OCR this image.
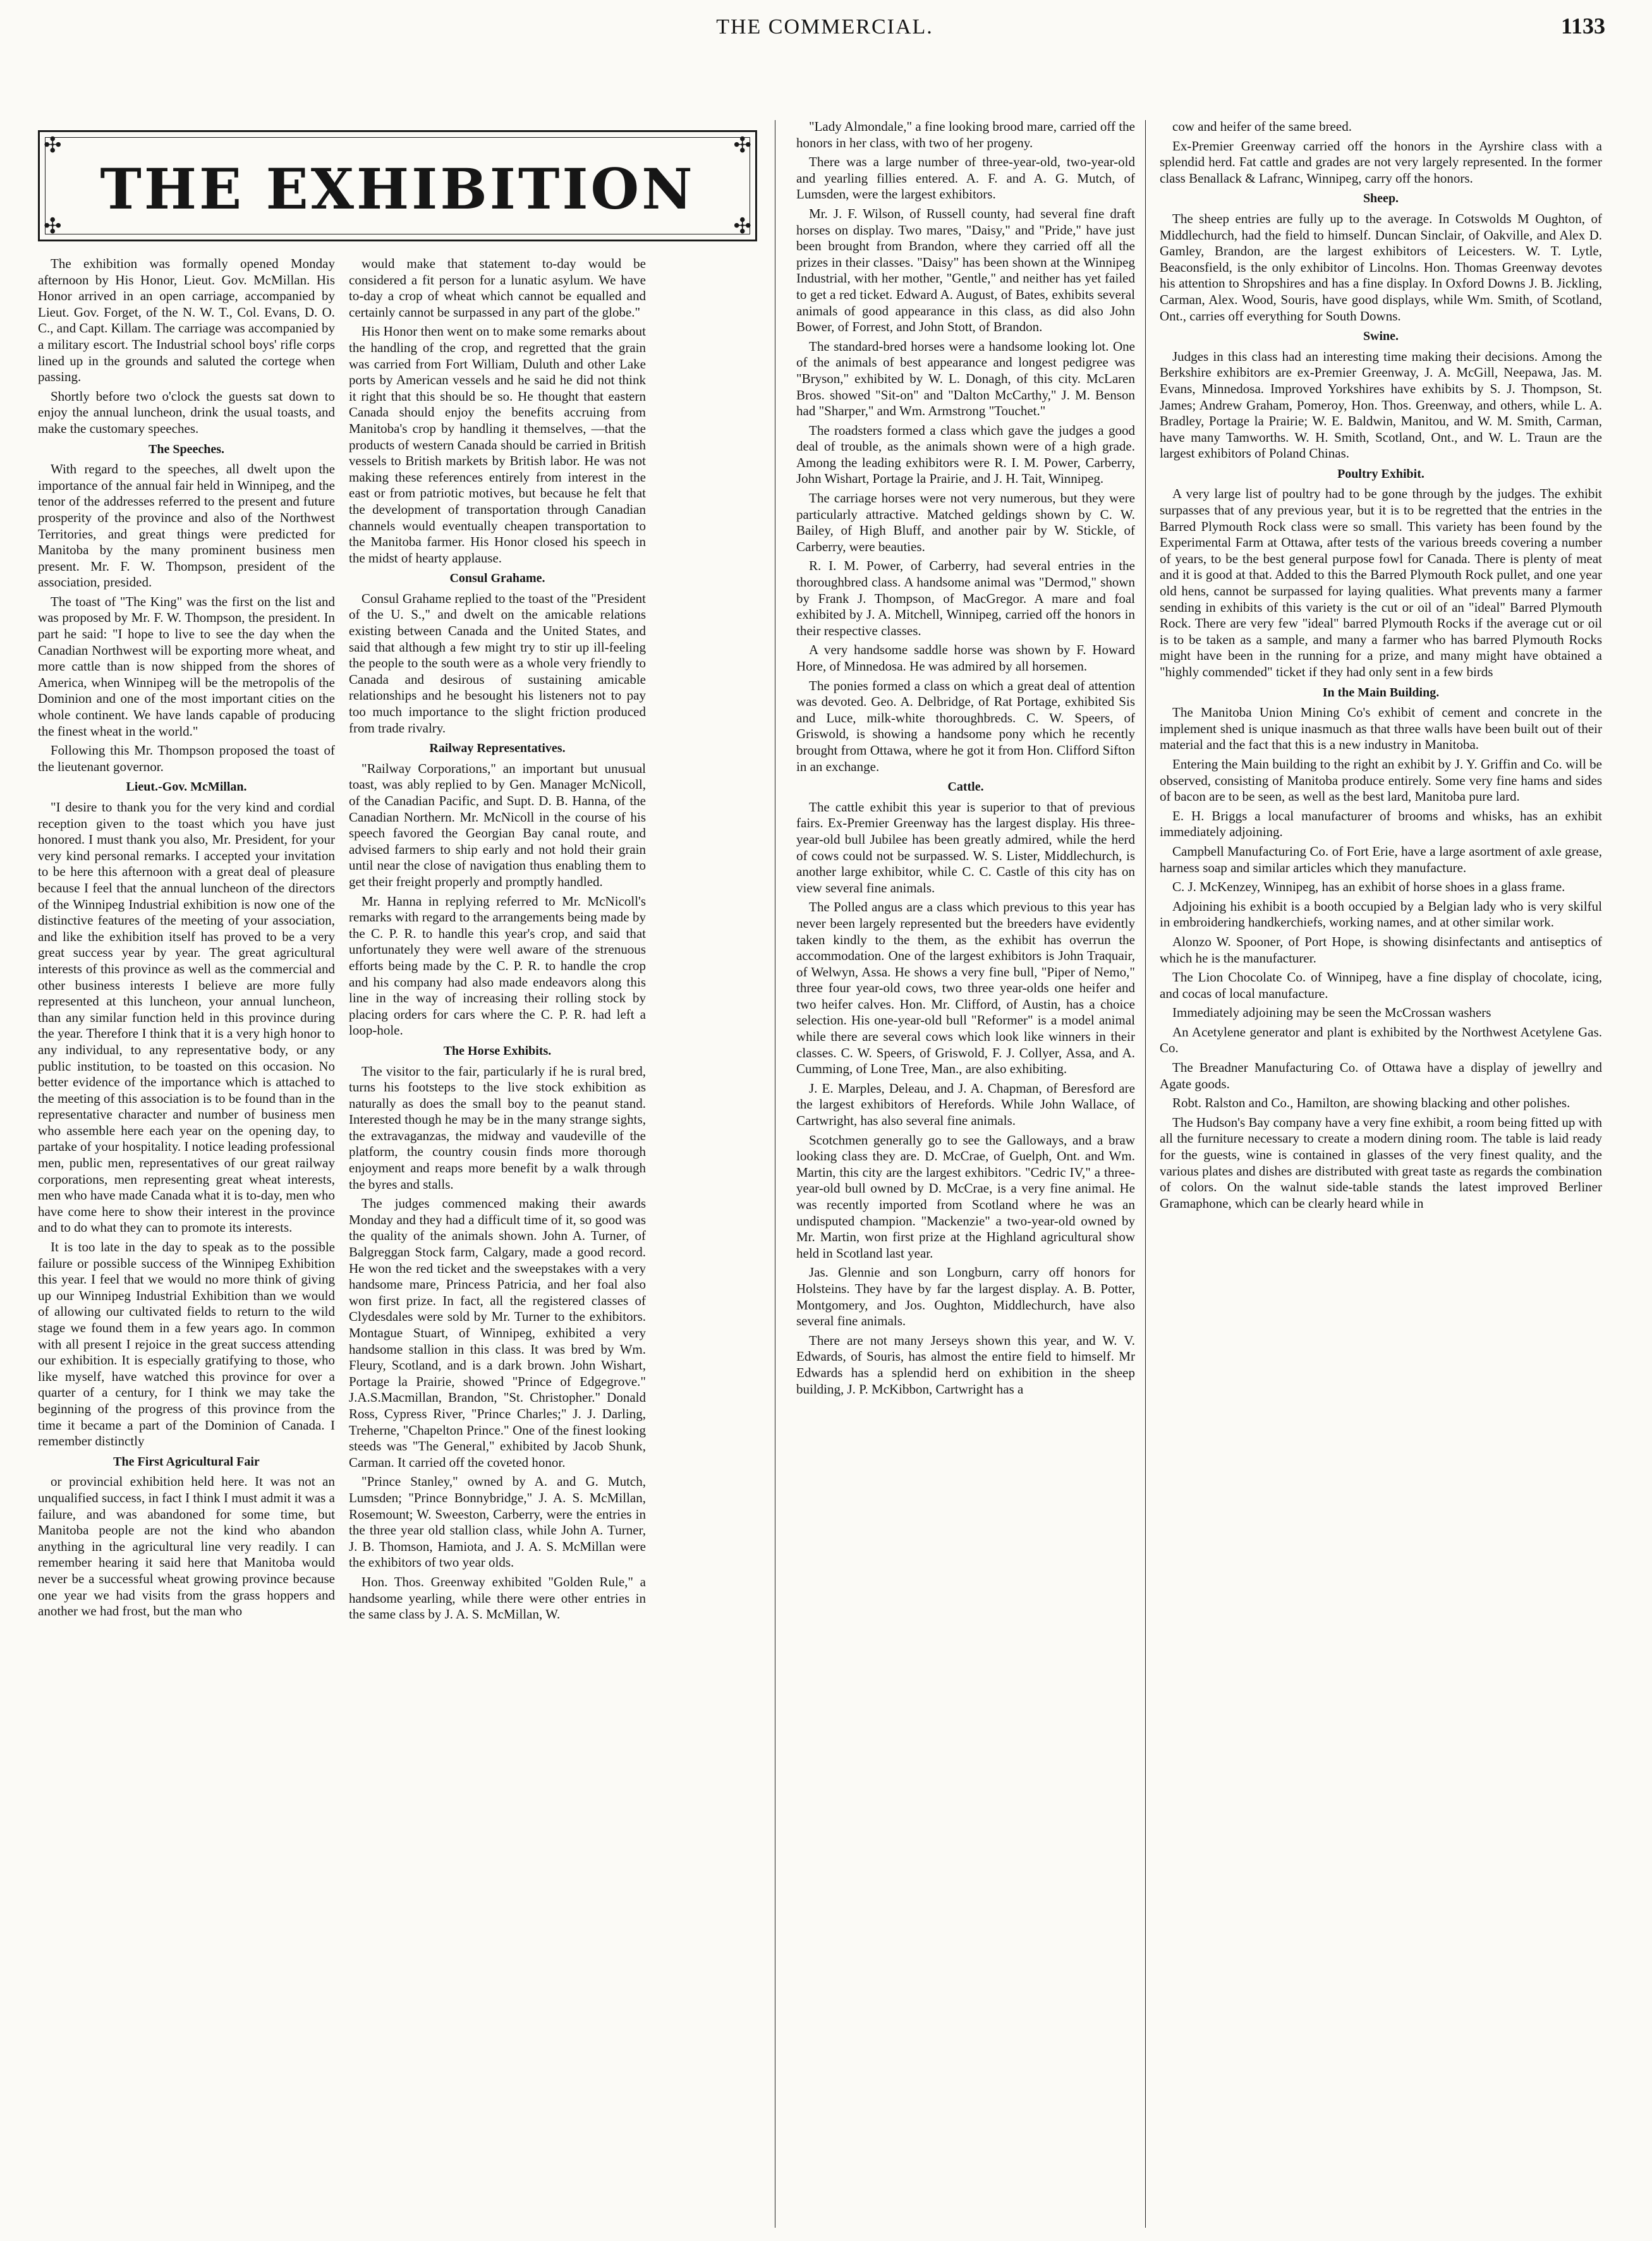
THE COMMERCIAL.	1133
✣	✣
✣	✣
THE EXHIBITION

The exhibition was formally opened Monday afternoon by His Honor, Lieut. Gov. McMillan. His Honor arrived in an open carriage, accompanied by Lieut. Gov. Forget, of the N. W. T., Col. Evans, D. O. C., and Capt. Killam. The carriage was accompanied by a military escort. The Industrial school boys' rifle corps lined up in the grounds and saluted the cortege when passing.

Shortly before two o'clock the guests sat down to enjoy the annual luncheon, drink the usual toasts, and make the customary speeches.

The Speeches.

With regard to the speeches, all dwelt upon the importance of the annual fair held in Winnipeg, and the tenor of the addresses referred to the present and future prosperity of the province and also of the Northwest Territories, and great things were predicted for Manitoba by the many prominent business men present. Mr. F. W. Thompson, president of the association, presided.

The toast of "The King" was the first on the list and was proposed by Mr. F. W. Thompson, the president. In part he said: "I hope to live to see the day when the Canadian Northwest will be exporting more wheat, and more cattle than is now shipped from the shores of America, when Winnipeg will be the metropolis of the Dominion and one of the most important cities on the whole continent. We have lands capable of producing the finest wheat in the world."

Following this Mr. Thompson proposed the toast of the lieutenant governor.

Lieut.-Gov. McMillan.

"I desire to thank you for the very kind and cordial reception given to the toast which you have just honored. I must thank you also, Mr. President, for your very kind personal remarks. I accepted your invitation to be here this afternoon with a great deal of pleasure because I feel that the annual luncheon of the directors of the Winnipeg Industrial exhibition is now one of the distinctive features of the meeting of your association, and like the exhibition itself has proved to be a very great success year by year. The great agricultural interests of this province as well as the commercial and other business interests I believe are more fully represented at this luncheon, your annual luncheon, than any similar function held in this province during the year. Therefore I think that it is a very high honor to any individual, to any representative body, or any public institution, to be toasted on this occasion. No better evidence of the importance which is attached to the meeting of this association is to be found than in the representative character and number of business men who assemble here each year on the opening day, to partake of your hospitality. I notice leading professional men, public men, representatives of our great railway corporations, men representing great wheat interests, men who have made Canada what it is to-day, men who have come here to show their interest in the province and to do what they can to promote its interests.

It is too late in the day to speak as to the possible failure or possible success of the Winnipeg Exhibition this year. I feel that we would no more think of giving up our Winnipeg Industrial Exhibition than we would of allowing our cultivated fields to return to the wild stage we found them in a few years ago. In common with all present I rejoice in the great success attending our exhibition. It is especially gratifying to those, who like myself, have watched this province for over a quarter of a century, for I think we may take the beginning of the progress of this province from the time it became a part of the Dominion of Canada. I remember distinctly

The First Agricultural Fair

or provincial exhibition held here. It was not an unqualified success, in fact I think I must admit it was a failure, and was abandoned for some time, but Manitoba people are not the kind who abandon anything in the agricultural line very readily. I can remember hearing it said here that Manitoba would never be a successful wheat growing province because one year we had visits from the grass hoppers and another we had frost, but the man who

would make that statement to-day would be considered a fit person for a lunatic asylum. We have to-day a crop of wheat which cannot be equalled and certainly cannot be surpassed in any part of the globe."

His Honor then went on to make some remarks about the handling of the crop, and regretted that the grain was carried from Fort William, Duluth and other Lake ports by American vessels and he said he did not think it right that this should be so. He thought that eastern Canada should enjoy the benefits accruing from Manitoba's crop by handling it themselves, —that the products of western Canada should be carried in British vessels to British markets by British labor. He was not making these references entirely from interest in the east or from patriotic motives, but because he felt that the development of transportation through Canadian channels would eventually cheapen transportation to the Manitoba farmer. His Honor closed his speech in the midst of hearty applause.

Consul Grahame.

Consul Grahame replied to the toast of the "President of the U. S.," and dwelt on the amicable relations existing between Canada and the United States, and said that although a few might try to stir up ill-feeling the people to the south were as a whole very friendly to Canada and desirous of sustaining amicable relationships and he besought his listeners not to pay too much importance to the slight friction produced from trade rivalry.

Railway Representatives.

"Railway Corporations," an important but unusual toast, was ably replied to by Gen. Manager McNicoll, of the Canadian Pacific, and Supt. D. B. Hanna, of the Canadian Northern. Mr. McNicoll in the course of his speech favored the Georgian Bay canal route, and advised farmers to ship early and not hold their grain until near the close of navigation thus enabling them to get their freight properly and promptly handled.

Mr. Hanna in replying referred to Mr. McNicoll's remarks with regard to the arrangements being made by the C. P. R. to handle this year's crop, and said that unfortunately they were well aware of the strenuous efforts being made by the C. P. R. to handle the crop and his company had also made endeavors along this line in the way of increasing their rolling stock by placing orders for cars where the C. P. R. had left a loop-hole.

The Horse Exhibits.

The visitor to the fair, particularly if he is rural bred, turns his footsteps to the live stock exhibition as naturally as does the small boy to the peanut stand. Interested though he may be in the many strange sights, the extravaganzas, the midway and vaudeville of the platform, the country cousin finds more thorough enjoyment and reaps more benefit by a walk through the byres and stalls.

The judges commenced making their awards Monday and they had a difficult time of it, so good was the quality of the animals shown. John A. Turner, of Balgreggan Stock farm, Calgary, made a good record. He won the red ticket and the sweepstakes with a very handsome mare, Princess Patricia, and her foal also won first prize. In fact, all the registered classes of Clydesdales were sold by Mr. Turner to the exhibitors. Montague Stuart, of Winnipeg, exhibited a very handsome stallion in this class. It was bred by Wm. Fleury, Scotland, and is a dark brown. John Wishart, Portage la Prairie, showed "Prince of Edgegrove." J.A.S.Macmillan, Brandon, "St. Christopher." Donald Ross, Cypress River, "Prince Charles;" J. J. Darling, Treherne, "Chapelton Prince." One of the finest looking steeds was "The General," exhibited by Jacob Shunk, Carman. It carried off the coveted honor.

"Prince Stanley," owned by A. and G. Mutch, Lumsden; "Prince Bonnybridge," J. A. S. McMillan, Rosemount; W. Sweeston, Carberry, were the entries in the three year old stallion class, while John A. Turner, J. B. Thomson, Hamiota, and J. A. S. McMillan were the exhibitors of two year olds.

Hon. Thos. Greenway exhibited "Golden Rule," a handsome yearling, while there were other entries in the same class by J. A. S. McMillan, W.

"Lady Almondale," a fine looking brood mare, carried off the honors in her class, with two of her progeny.

There was a large number of three-year-old, two-year-old and yearling fillies entered. A. F. and A. G. Mutch, of Lumsden, were the largest exhibitors.

Mr. J. F. Wilson, of Russell county, had several fine draft horses on display. Two mares, "Daisy," and "Pride," have just been brought from Brandon, where they carried off all the prizes in their classes. "Daisy" has been shown at the Winnipeg Industrial, with her mother, "Gentle," and neither has yet failed to get a red ticket. Edward A. August, of Bates, exhibits several animals of good appearance in this class, as did also John Bower, of Forrest, and John Stott, of Brandon.

The standard-bred horses were a handsome looking lot. One of the animals of best appearance and longest pedigree was "Bryson," exhibited by W. L. Donagh, of this city. McLaren Bros. showed "Sit-on" and "Dalton McCarthy," J. M. Benson had "Sharper," and Wm. Armstrong "Touchet."

The roadsters formed a class which gave the judges a good deal of trouble, as the animals shown were of a high grade. Among the leading exhibitors were R. I. M. Power, Carberry, John Wishart, Portage la Prairie, and J. H. Tait, Winnipeg.

The carriage horses were not very numerous, but they were particularly attractive. Matched geldings shown by C. W. Bailey, of High Bluff, and another pair by W. Stickle, of Carberry, were beauties.

R. I. M. Power, of Carberry, had several entries in the thoroughbred class. A handsome animal was "Dermod," shown by Frank J. Thompson, of MacGregor. A mare and foal exhibited by J. A. Mitchell, Winnipeg, carried off the honors in their respective classes.

A very handsome saddle horse was shown by F. Howard Hore, of Minnedosa. He was admired by all horsemen.

The ponies formed a class on which a great deal of attention was devoted. Geo. A. Delbridge, of Rat Portage, exhibited Sis and Luce, milk-white thoroughbreds. C. W. Speers, of Griswold, is showing a handsome pony which he recently brought from Ottawa, where he got it from Hon. Clifford Sifton in an exchange.

Cattle.

The cattle exhibit this year is superior to that of previous fairs. Ex-Premier Greenway has the largest display. His three-year-old bull Jubilee has been greatly admired, while the herd of cows could not be surpassed. W. S. Lister, Middlechurch, is another large exhibitor, while C. C. Castle of this city has on view several fine animals.

The Polled angus are a class which previous to this year has never been largely represented but the breeders have evidently taken kindly to the them, as the exhibit has overrun the accommodation. One of the largest exhibitors is John Traquair, of Welwyn, Assa. He shows a very fine bull, "Piper of Nemo," three four year-old cows, two three year-olds one heifer and two heifer calves. Hon. Mr. Clifford, of Austin, has a choice selection. His one-year-old bull "Reformer" is a model animal while there are several cows which look like winners in their classes. C. W. Speers, of Griswold, F. J. Collyer, Assa, and A. Cumming, of Lone Tree, Man., are also exhibiting.

J. E. Marples, Deleau, and J. A. Chapman, of Beresford are the largest exhibitors of Herefords. While John Wallace, of Cartwright, has also several fine animals.

Scotchmen generally go to see the Galloways, and a braw looking class they are. D. McCrae, of Guelph, Ont. and Wm. Martin, this city are the largest exhibitors. "Cedric IV," a three-year-old bull owned by D. McCrae, is a very fine animal. He was recently imported from Scotland where he was an undisputed champion. "Mackenzie" a two-year-old owned by Mr. Martin, won first prize at the Highland agricultural show held in Scotland last year.

Jas. Glennie and son Longburn, carry off honors for Holsteins. They have by far the largest display. A. B. Potter, Montgomery, and Jos. Oughton, Middlechurch, have also several fine animals.

There are not many Jerseys shown this year, and W. V. Edwards, of Souris, has almost the entire field to himself. Mr Edwards has a splendid herd on exhibition in the sheep building, J. P. McKibbon, Cartwright has a

cow and heifer of the same breed.

Ex-Premier Greenway carried off the honors in the Ayrshire class with a splendid herd. Fat cattle and grades are not very largely represented. In the former class Benallack & Lafranc, Winnipeg, carry off the honors.

Sheep.

The sheep entries are fully up to the average. In Cotswolds M Oughton, of Middlechurch, had the field to himself. Duncan Sinclair, of Oakville, and Alex D. Gamley, Brandon, are the largest exhibitors of Leicesters. W. T. Lytle, Beaconsfield, is the only exhibitor of Lincolns. Hon. Thomas Greenway devotes his attention to Shropshires and has a fine display. In Oxford Downs J. B. Jickling, Carman, Alex. Wood, Souris, have good displays, while Wm. Smith, of Scotland, Ont., carries off everything for South Downs.

Swine.

Judges in this class had an interesting time making their decisions. Among the Berkshire exhibitors are ex-Premier Greenway, J. A. McGill, Neepawa, Jas. M. Evans, Minnedosa. Improved Yorkshires have exhibits by S. J. Thompson, St. James; Andrew Graham, Pomeroy, Hon. Thos. Greenway, and others, while L. A. Bradley, Portage la Prairie; W. E. Baldwin, Manitou, and W. M. Smith, Carman, have many Tamworths. W. H. Smith, Scotland, Ont., and W. L. Traun are the largest exhibitors of Poland Chinas.

Poultry Exhibit.

A very large list of poultry had to be gone through by the judges. The exhibit surpasses that of any previous year, but it is to be regretted that the entries in the Barred Plymouth Rock class were so small. This variety has been found by the Experimental Farm at Ottawa, after tests of the various breeds covering a number of years, to be the best general purpose fowl for Canada. There is plenty of meat and it is good at that. Added to this the Barred Plymouth Rock pullet, and one year old hens, cannot be surpassed for laying qualities. What prevents many a farmer sending in exhibits of this variety is the cut or oil of an "ideal" Barred Plymouth Rock. There are very few "ideal" barred Plymouth Rocks if the average cut or oil is to be taken as a sample, and many a farmer who has barred Plymouth Rocks might have been in the running for a prize, and many might have obtained a "highly commended" ticket if they had only sent in a few birds

In the Main Building.

The Manitoba Union Mining Co's exhibit of cement and concrete in the implement shed is unique inasmuch as that three walls have been built out of their material and the fact that this is a new industry in Manitoba.

Entering the Main building to the right an exhibit by J. Y. Griffin and Co. will be observed, consisting of Manitoba produce entirely. Some very fine hams and sides of bacon are to be seen, as well as the best lard, Manitoba pure lard.

E. H. Briggs a local manufacturer of brooms and whisks, has an exhibit immediately adjoining.

Campbell Manufacturing Co. of Fort Erie, have a large asortment of axle grease, harness soap and similar articles which they manufacture.

C. J. McKenzey, Winnipeg, has an exhibit of horse shoes in a glass frame.

Adjoining his exhibit is a booth occupied by a Belgian lady who is very skilful in embroidering handkerchiefs, working names, and at other similar work.

Alonzo W. Spooner, of Port Hope, is showing disinfectants and antiseptics of which he is the manufacturer.

The Lion Chocolate Co. of Winnipeg, have a fine display of chocolate, icing, and cocas of local manufacture.

Immediately adjoining may be seen the McCrossan washers

An Acetylene generator and plant is exhibited by the Northwest Acetylene Gas. Co.

The Breadner Manufacturing Co. of Ottawa have a display of jewellry and Agate goods.

Robt. Ralston and Co., Hamilton, are showing blacking and other polishes.

The Hudson's Bay company have a very fine exhibit, a room being fitted up with all the furniture necessary to create a modern dining room. The table is laid ready for the guests, wine is contained in glasses of the very finest quality, and the various plates and dishes are distributed with great taste as regards the combination of colors. On the walnut side-table stands the latest improved Berliner Gramaphone, which can be clearly heard while in
